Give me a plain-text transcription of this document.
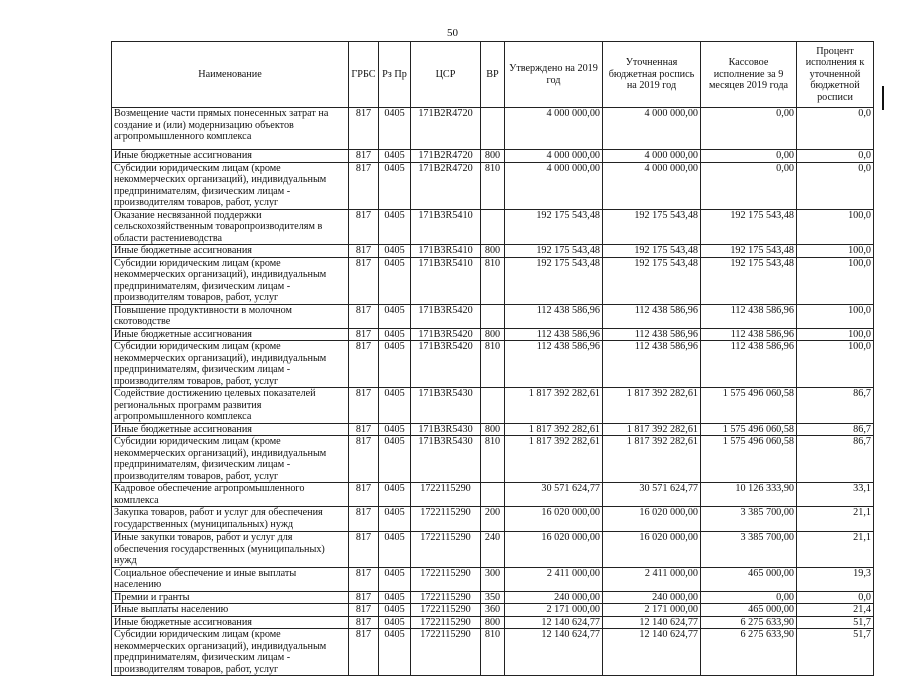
50
Наименование	ГРБС	Рз Пр	ЦСР	ВР	Утверждено на 2019 год	Уточненная бюджетная роспись на 2019 год	Кассовое исполнение за 9 месяцев 2019 года	Процент исполнения к уточненной бюджетной росписи
Возмещение части прямых понесенных затрат на создание и (или) модернизацию объектов агропромышленного комплекса	817	0405	171B2R4720		4 000 000,00	4 000 000,00	0,00	0,0
Иные бюджетные ассигнования	817	0405	171B2R4720	800	4 000 000,00	4 000 000,00	0,00	0,0
Субсидии юридическим лицам (кроме некоммерческих организаций), индивидуальным предпринимателям, физическим лицам - производителям товаров, работ, услуг	817	0405	171B2R4720	810	4 000 000,00	4 000 000,00	0,00	0,0
Оказание несвязанной поддержки сельскохозяйственным товаропроизводителям в области растениеводства	817	0405	171B3R5410		192 175 543,48	192 175 543,48	192 175 543,48	100,0
Иные бюджетные ассигнования	817	0405	171B3R5410	800	192 175 543,48	192 175 543,48	192 175 543,48	100,0
Субсидии юридическим лицам (кроме некоммерческих организаций), индивидуальным предпринимателям, физическим лицам - производителям товаров, работ, услуг	817	0405	171B3R5410	810	192 175 543,48	192 175 543,48	192 175 543,48	100,0
Повышение продуктивности в молочном скотоводстве	817	0405	171B3R5420		112 438 586,96	112 438 586,96	112 438 586,96	100,0
Иные бюджетные ассигнования	817	0405	171B3R5420	800	112 438 586,96	112 438 586,96	112 438 586,96	100,0
Субсидии юридическим лицам (кроме некоммерческих организаций), индивидуальным предпринимателям, физическим лицам - производителям товаров, работ, услуг	817	0405	171B3R5420	810	112 438 586,96	112 438 586,96	112 438 586,96	100,0
Содействие достижению целевых показателей региональных программ развития агропромышленного комплекса	817	0405	171B3R5430		1 817 392 282,61	1 817 392 282,61	1 575 496 060,58	86,7
Иные бюджетные ассигнования	817	0405	171B3R5430	800	1 817 392 282,61	1 817 392 282,61	1 575 496 060,58	86,7
Субсидии юридическим лицам (кроме некоммерческих организаций), индивидуальным предпринимателям, физическим лицам - производителям товаров, работ, услуг	817	0405	171B3R5430	810	1 817 392 282,61	1 817 392 282,61	1 575 496 060,58	86,7
Кадровое обеспечение агропромышленного комплекса	817	0405	1722115290		30 571 624,77	30 571 624,77	10 126 333,90	33,1
Закупка товаров, работ и услуг для обеспечения государственных (муниципальных) нужд	817	0405	1722115290	200	16 020 000,00	16 020 000,00	3 385 700,00	21,1
Иные закупки товаров, работ и услуг для обеспечения государственных (муниципальных) нужд	817	0405	1722115290	240	16 020 000,00	16 020 000,00	3 385 700,00	21,1
Социальное обеспечение и иные выплаты населению	817	0405	1722115290	300	2 411 000,00	2 411 000,00	465 000,00	19,3
Премии и гранты	817	0405	1722115290	350	240 000,00	240 000,00	0,00	0,0
Иные выплаты населению	817	0405	1722115290	360	2 171 000,00	2 171 000,00	465 000,00	21,4
Иные бюджетные ассигнования	817	0405	1722115290	800	12 140 624,77	12 140 624,77	6 275 633,90	51,7
Субсидии юридическим лицам (кроме некоммерческих организаций), индивидуальным предпринимателям, физическим лицам - производителям товаров, работ, услуг	817	0405	1722115290	810	12 140 624,77	12 140 624,77	6 275 633,90	51,7
